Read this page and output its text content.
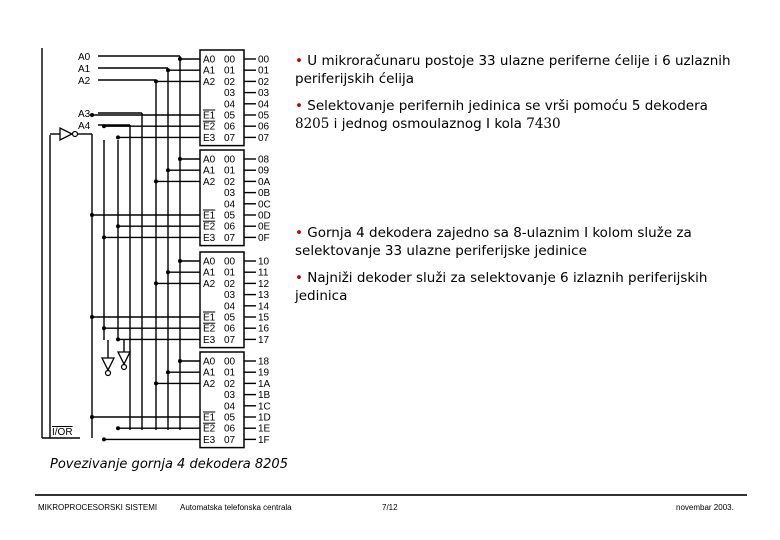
I/OR
A0
A1
A2
A3
A4
A0 00 00
A1 01 01
A2 02 02
03 03
04 04
E1 05 05
E2 06 06
E3 07 07
A0 00 08
A1 01 09
A2 02 0A
03 0B
04 0C
E1 05 0D
E2 06 0E
E3 07 0F
A0 00 10
A1 01 11
A2 02 12
03 13
04 14
E1 05 15
E2 06 16
E3 07 17
A0 00 18
A1 01 19
A2 02 1A
03 1B
04 1C
E1 05 1D
E2 06 1E
E3 07 1F
• U mikroračunaru postoje 33 ulazne periferne ćelije i 6 uzlaznih periferijskih ćelija
• Selektovanje perifernih jedinica se vrši pomoću 5 dekodera 8205 i jednog osmoulaznog I kola 7430
• Gornja 4 dekodera zajedno sa 8-ulaznim I kolom služe za selektovanje 33 ulazne periferijske jedinice
• Najniži dekoder služi za selektovanje 6 izlaznih periferijskih jedinica
Povezivanje gornja 4 dekodera 8205
MIKROPROCESORSKI SISTEMI	Automatska telefonska centrala	7/12	novembar 2003.
